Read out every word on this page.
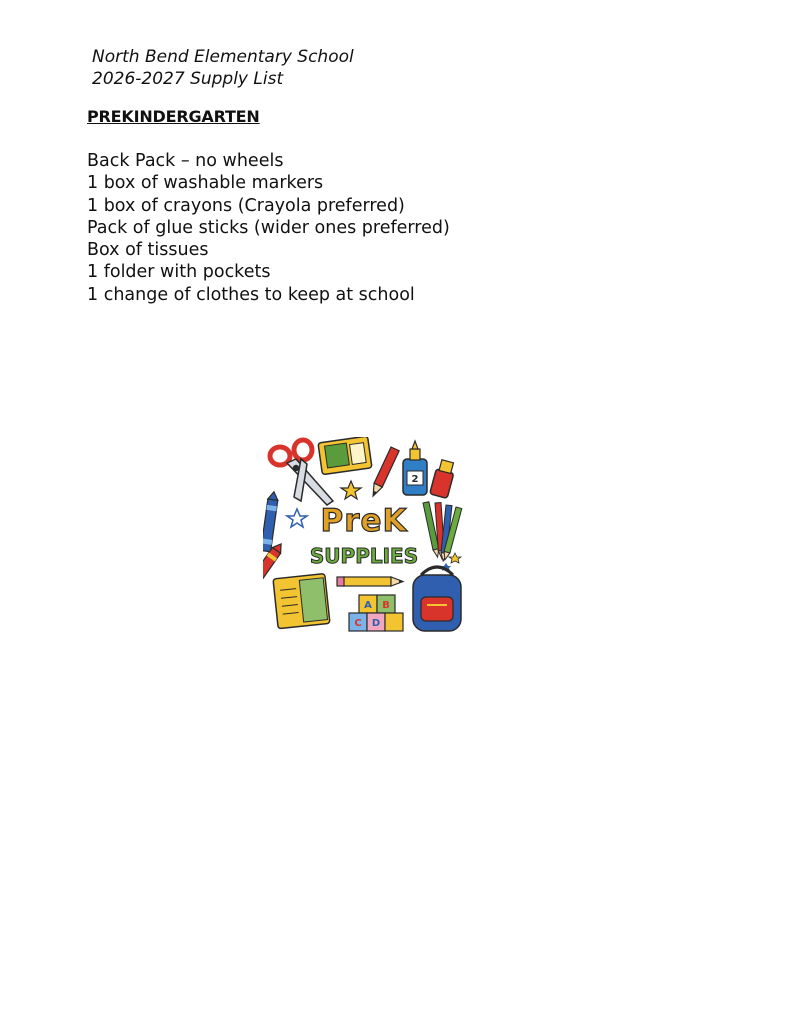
North Bend Elementary School
2026-2027 Supply List
PREKINDERGARTEN
Back Pack – no wheels
1 box of washable markers
1 box of crayons (Crayola preferred)
Pack of glue sticks (wider ones preferred)
Box of tissues
1 folder with pockets
1 change of clothes to keep at school
2
PreK
SUPPLIES
A B
C D
